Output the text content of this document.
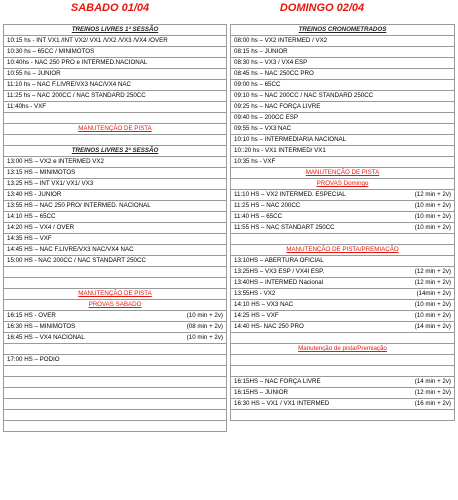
SABADO 01/04	DOMINGO 02/04
TREINOS LIVRES 1ª SESSÃO

10:15 hs - INT VX1 /INT VX2/ VX1 /VX2 /VX3 /VX4 /OVER

10:30 hs – 65CC / MINIMOTOS

10:40hs - NAC 250 PRO e INTERMED.NACIONAL

10:55 hs – JUNIOR

11:10 hs – NAC F.LIVRE/VX3 NAC/VX4 NAC

11:25 hs – NAC 200CC / NAC STANDARD 250CC

11:40hs - VXF

MANUTENÇÃO DE PISTA

TREINOS LIVRES 2ª SESSÃO

13:00 HS – VX2 e INTERMED VX2

13:15 HS – MINIMOTOS

13:25 HS – INT VX1/ VX1/ VX3

13:40 HS - JUNIOR

13:55 HS – NAC 250 PRO/ INTERMED. NACIONAL

14:10 HS – 65CC

14:20 HS – VX4 / OVER

14:35 HS – VXF

14:45 HS – NAC F.LIVRE/VX3 NAC/VX4 NAC

15:00 HS - NAC 200CC / NAC STANDART 250CC

MANUTENÇÃO DE PISTA
PROVAS SABADO

16:15 HS - OVER	(10 min + 2v)

16:30 HS – MINIMOTOS	(08 min + 2v)

16:45 HS – VX4 NACIONAL	(10 min + 2v)

17:00 HS – PODIO

TREINOS CRONOMETRADOS

08:00 hs – VX2 INTERMED / VX2

08:15 hs – JUNIOR

08:30 hs – VX3 / VX4 ESP

08:45 hs – NAC 250CC PRO

09:00 hs – 65CC

09:10 hs – NAC 200CC / NAC STANDARD 250CC

09:25 hs – NAC FORÇA LIVRE

09:40 hs – 200CC ESP

09:55 hs – VX3 NAC

10:10 hs – INTERMEDIARIA NACIONAL

10::20 hs - VX1 INTERMED/ VX1

10:35 hs - VXF

MANUTENÇÃO DE PISTA
PROVAS Domingo

11:10 HS – VX2 INTERMED. ESPECIAL	(12 min + 2v)

11:25 HS – NAC 200CC	(10 min + 2v)

11:40 HS – 65CC	(10 min + 2v)

11:55 HS – NAC STANDART 250CC	(10 min + 2v)

MANUTENÇÃO DE PISTA/PREMIAÇÃO

13:10HS – ABERTURA OFICIAL

13:25HS – VX3 ESP / VX4I ESP.	(12 min + 2v)

13:40HS – INTERMED Nacional	(12 min + 2v)

13:55HS - VX2	(14min + 2v)

14:10 HS – VX3 NAC	(10 min + 2v)

14:25 HS – VXF	(10 min + 2v)

14:40 HS- NAC 250 PRO	(14 min + 2v)

Manutenção de pista/Premiação

16:15HS – NAC FORÇA LIVRE	(14 min + 2v)

16:15HS – JUNIOR	(12 min + 2v)

16:30 HS – VX1 / VX1 INTERMED	(16 min + 2v)
